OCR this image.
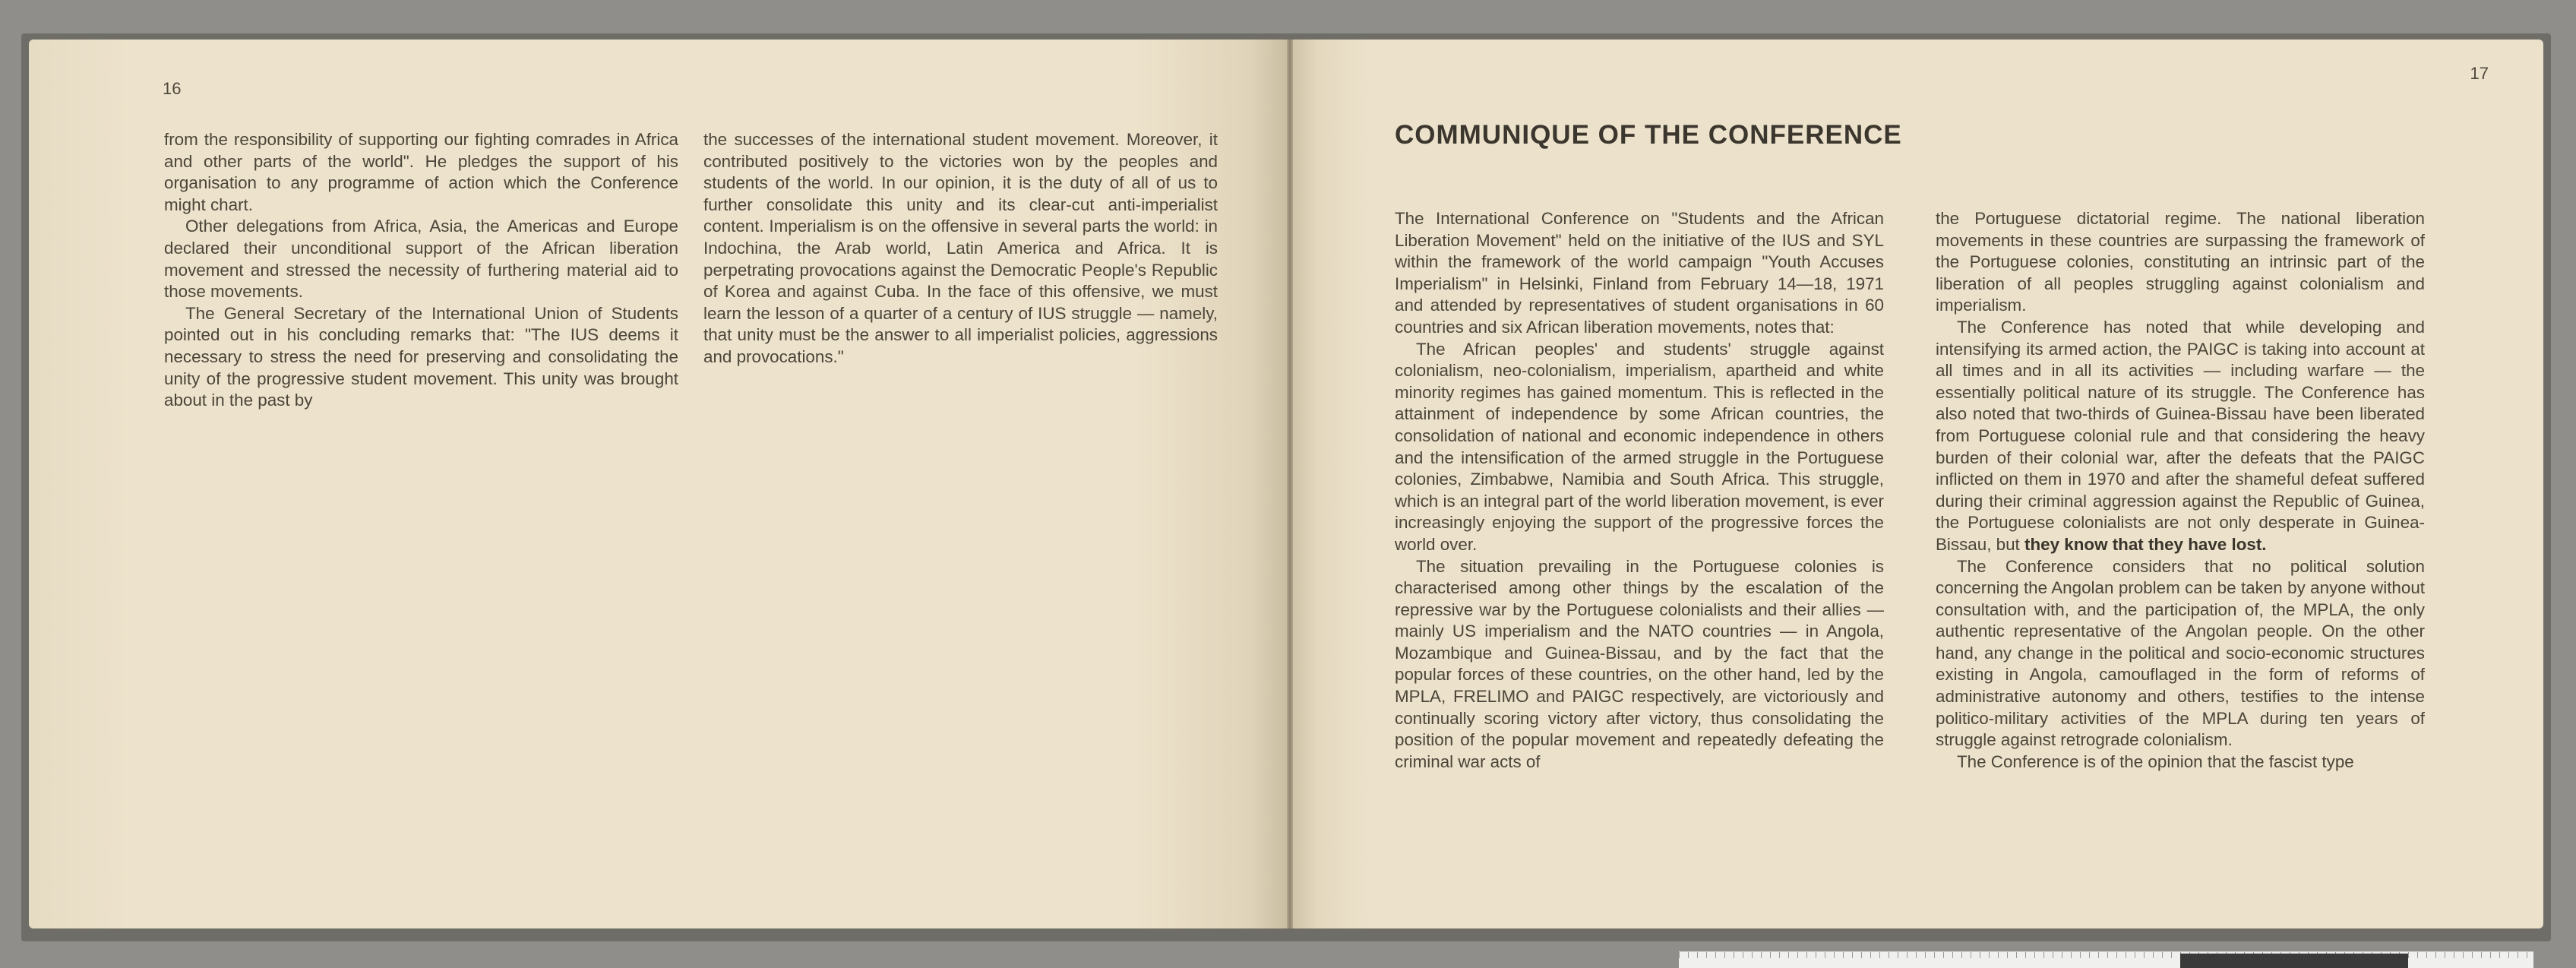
16

from the responsibility of supporting our fighting comrades in Africa and other parts of the world". He pledges the support of his organisation to any programme of action which the Conference might chart.

Other delegations from Africa, Asia, the Americas and Europe declared their unconditional support of the African liberation movement and stressed the necessity of furthering material aid to those movements.

The General Secretary of the International Union of Students pointed out in his concluding remarks that: "The IUS deems it necessary to stress the need for preserving and consolidating the unity of the progressive student movement. This unity was brought about in the past by

the successes of the international student movement. Moreover, it contributed positively to the victories won by the peoples and students of the world. In our opinion, it is the duty of all of us to further consolidate this unity and its clear-cut anti-imperialist content. Imperialism is on the offensive in several parts the world: in Indochina, the Arab world, Latin America and Africa. It is perpetrating provocations against the Democratic People's Republic of Korea and against Cuba. In the face of this offensive, we must learn the lesson of a quarter of a century of IUS struggle — namely, that unity must be the answer to all imperialist policies, aggressions and provocations."

17
COMMUNIQUE OF THE CONFERENCE

The International Conference on "Students and the African Liberation Movement" held on the initiative of the IUS and SYL within the framework of the world campaign "Youth Accuses Imperialism" in Helsinki, Finland from February 14—18, 1971 and attended by representatives of student organisations in 60 countries and six African liberation movements, notes that:

The African peoples' and students' struggle against colonialism, neo-colonialism, imperialism, apartheid and white minority regimes has gained momentum. This is reflected in the attainment of independence by some African countries, the consolidation of national and economic independence in others and the intensification of the armed struggle in the Portuguese colonies, Zimbabwe, Namibia and South Africa. This struggle, which is an integral part of the world liberation movement, is ever increasingly enjoying the support of the progressive forces the world over.

The situation prevailing in the Portuguese colonies is characterised among other things by the escalation of the repressive war by the Portuguese colonialists and their allies — mainly US imperialism and the NATO countries — in Angola, Mozambique and Guinea-Bissau, and by the fact that the popular forces of these countries, on the other hand, led by the MPLA, FRELIMO and PAIGC respectively, are victoriously and continually scoring victory after victory, thus consolidating the position of the popular movement and repeatedly defeating the criminal war acts of

the Portuguese dictatorial regime. The national liberation movements in these countries are surpassing the framework of the Portuguese colonies, constituting an intrinsic part of the liberation of all peoples struggling against colonialism and imperialism.

The Conference has noted that while developing and intensifying its armed action, the PAIGC is taking into account at all times and in all its activities — including warfare — the essentially political nature of its struggle. The Conference has also noted that two-thirds of Guinea-Bissau have been liberated from Portuguese colonial rule and that considering the heavy burden of their colonial war, after the defeats that the PAIGC inflicted on them in 1970 and after the shameful defeat suffered during their criminal aggression against the Republic of Guinea, the Portuguese colonialists are not only desperate in Guinea-Bissau, but they know that they have lost.

The Conference considers that no political solution concerning the Angolan problem can be taken by anyone without consultation with, and the participation of, the MPLA, the only authentic representative of the Angolan people. On the other hand, any change in the political and socio-economic structures existing in Angola, camouflaged in the form of reforms of administrative autonomy and others, testifies to the intense politico-military activities of the MPLA during ten years of struggle against retrograde colonialism.

The Conference is of the opinion that the fascist type
